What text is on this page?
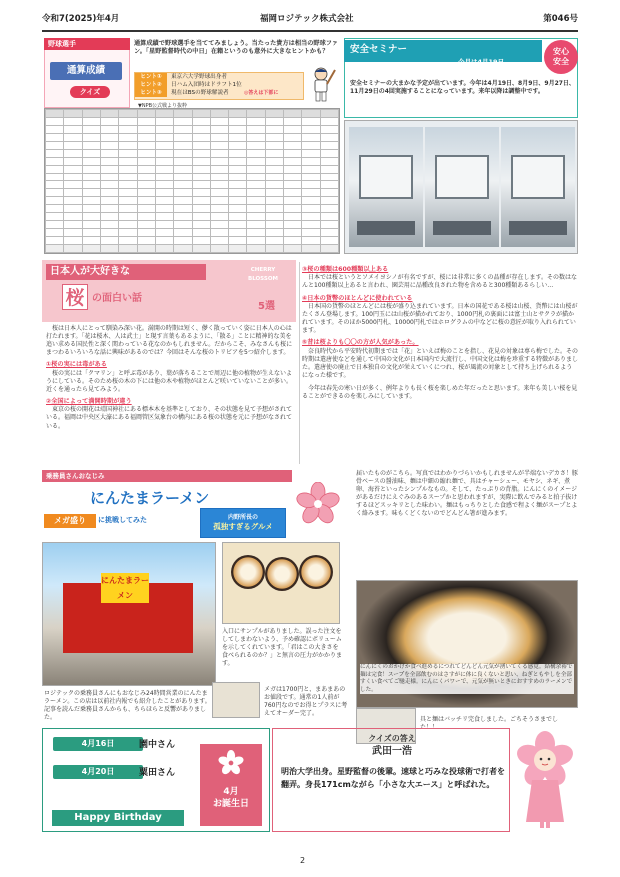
令和7(2025)年4月	福岡ロジテック株式会社	第046号
野球選手
通算成績
クイズ
通算成績で野球選手を当ててみましょう。当たった貴方は相当の野球ファン。「星野監督時代の中日」在籍というのも意外に大きなヒントかも？
ヒント① 東京六大学野球出身者
ヒント② 日ハム入団時はドラフト1位
ヒント③ 現在はBSの野球解説者	◎答えは下部に
▼NPB公式戦より抜粋

安全セミナー
今月は4月19日
安心
安全
安全セミナーの大まかな予定が出ています。今年は4月19日、8月9日、9月27日、11月29日の4回実施することになっています。来年以降は調整中です。
日本人が大好きな
桜 の面白い話
CHERRY
BLOSSOM
5選

桜は日本人にとって馴染み深い花。満開の時期は短く、儚く散っていく姿に日本人の心は打たれます。「花は桜木、人は武士」と現す言葉もあるように、「散る」ことに精神的な美を追い求める国民性と深く関わっている花なのかもしれません。だからこそ、みなさんも桜にまつわるいろいろな話に興味があるのでは？今回はそんな桜のトリビアを5つ紹介します。

①桜の実には毒がある

桜の実には「クマリン」と呼ぶ毒があり、葉が落ちることで周辺に他の植物が生えないようにしている。そのため桜の木の下には他の木や植物がほとんど咲いていないことが多い。近くを通ったら見てみよう。

②全国によって満開時期が違う

東京の桜の開花は靖国神社にある標本木を基準としており、その状態を見て予想がされている。福岡は中央区大濠にある福岡管区気象台の構内にある桜の状態を元に予想がなされている。

③桜の種類は600種類以上ある

日本では桜というとソメイヨシノが有名ですが、桜には非常に多くの品種が存在します。その数はなんと100種類以上あると言われ、園芸用に品種改良された物を含めると300種類あるらしい…

④日本の貨幣のほとんどに使われている

日本国の貨幣のほとんどには桜が盛り込まれています。日本の国花である桜は山桜、貨幣には山桜がたくさん登場します。100円玉には山桜が描かれており、1000円札の裏面には富士山とサクラが描かれています。そのほか5000円札、10000円札ではホログラムの中などに桜の意匠が取り入れられています。

⑤昔は桜よりも〇〇の方が人気があった。

奈良時代から平安時代初期までは「花」といえば梅のことを指し、花見の対象は専ら梅でした。その時期は遣唐使などを通して中国の文化が日本国内で大流行し、中国文化は梅を珍重する特徴がありました。遣唐使の廃止で日本独自の文化が栄えていくにつれ、桜が風流の対象として持ち上げられるようになった様です。

今年は春先の寒い日が多く、例年よりも長く桜を楽しめた年だったと思います。来年も美しい桜を見ることができるのを楽しみにしています。

乗務員さんおなじみ
にんたまラーメン
メガ盛り	に挑戦してみた	内野所長の
孤独すぎるグルメ
にんたまラーメン
ロジテックの乗務員さんにもおなじみ24時間営業のにんたまラーメン。この店は以前社内報でも紹介したことがあります。記事を読んだ乗務員さんからも、ちらほらと反響がありました。
入口にサンプルがありました。誤った注文をしてしまわないよう、予め確認にボリュームを示してくれています。「君はこの大きさを食べられるのか？」と無言の圧力がかかります。
メガは1700円と、まあまあのお値段です。通常の1人前が760円なのでお得とプラスに考えてオーダー完了。
届いたものがこちら。写真ではわかりづらいかもしれませんが半端ないデカさ！豚骨ベースの醤油味、麺は中細の縮れ麺で、具はチャーシュー、モヤシ、ネギ、煮卵、海苔といったシンプルなもの。そして、たっぷりの背脂。にんにくのイメージがあるだけにえぐみのあるスープかと思われますが、実際に飲んでみると拍子抜けするほどスッキリとした味わい。麺はもっちりとした食感で程よく麺がスープとよく絡みます。味もくどくないのでどんどん箸が進みます。
にんにくのおかげか食べ進めるにつれてどんどん元気が湧いてくる感覚。結構余裕で麺は完食！スープを全部飲むのはさすがに体に良くないと思い、ねぎともやしを全部すくい食べてご馳走様。にんにくパワーで、元気が無いときにおすすめのラーメンでした。
具と麺はバッチリ完食しました。ごちそうさまでした！！
4月16日	園中さん
4月20日	粟田さん
Happy Birthday
4月
お誕生日
クイズの答え
武田一浩
明治大学出身。星野監督の後輩。速球と巧みな投球術で打者を翻弄。身長171cmながら「小さな大エース」と呼ばれた。
2
